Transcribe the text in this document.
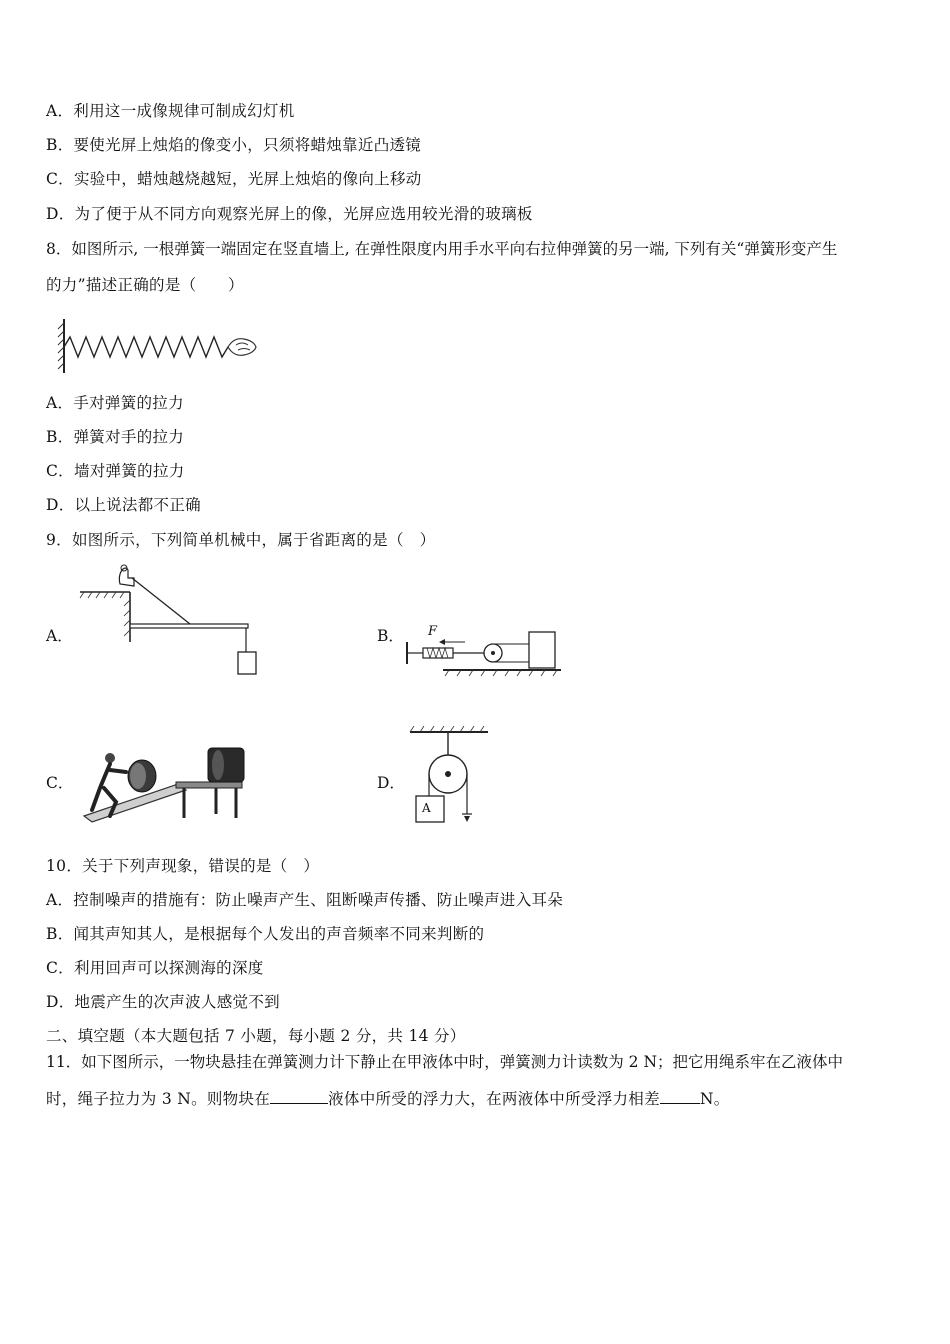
A．利用这一成像规律可制成幻灯机
B．要使光屏上烛焰的像变小，只须将蜡烛靠近凸透镜
C．实验中，蜡烛越烧越短，光屏上烛焰的像向上移动
D．为了便于从不同方向观察光屏上的像，光屏应选用较光滑的玻璃板
8．如图所示, 一根弹簧一端固定在竖直墙上, 在弹性限度内用手水平向右拉伸弹簧的另一端, 下列有关“弹簧形变产生
的力”描述正确的是（　　）
A．手对弹簧的拉力
B．弹簧对手的拉力
C．墙对弹簧的拉力
D．以上说法都不正确
9．如图所示，下列简单机械中，属于省距离的是（　）
A．	B．
C．	D．
F
A
10．关于下列声现象，错误的是（　）
A．控制噪声的措施有：防止噪声产生、阻断噪声传播、防止噪声进入耳朵
B．闻其声知其人，是根据每个人发出的声音频率不同来判断的
C．利用回声可以探测海的深度
D．地震产生的次声波人感觉不到
二、填空题（本大题包括 7 小题，每小题 2 分，共 14 分）
11．如下图所示，一物块悬挂在弹簧测力计下静止在甲液体中时，弹簧测力计读数为 2 N；把它用绳系牢在乙液体中
时，绳子拉力为 3 N。则物块在	液体中所受的浮力大，在两液体中所受浮力相差	N。
